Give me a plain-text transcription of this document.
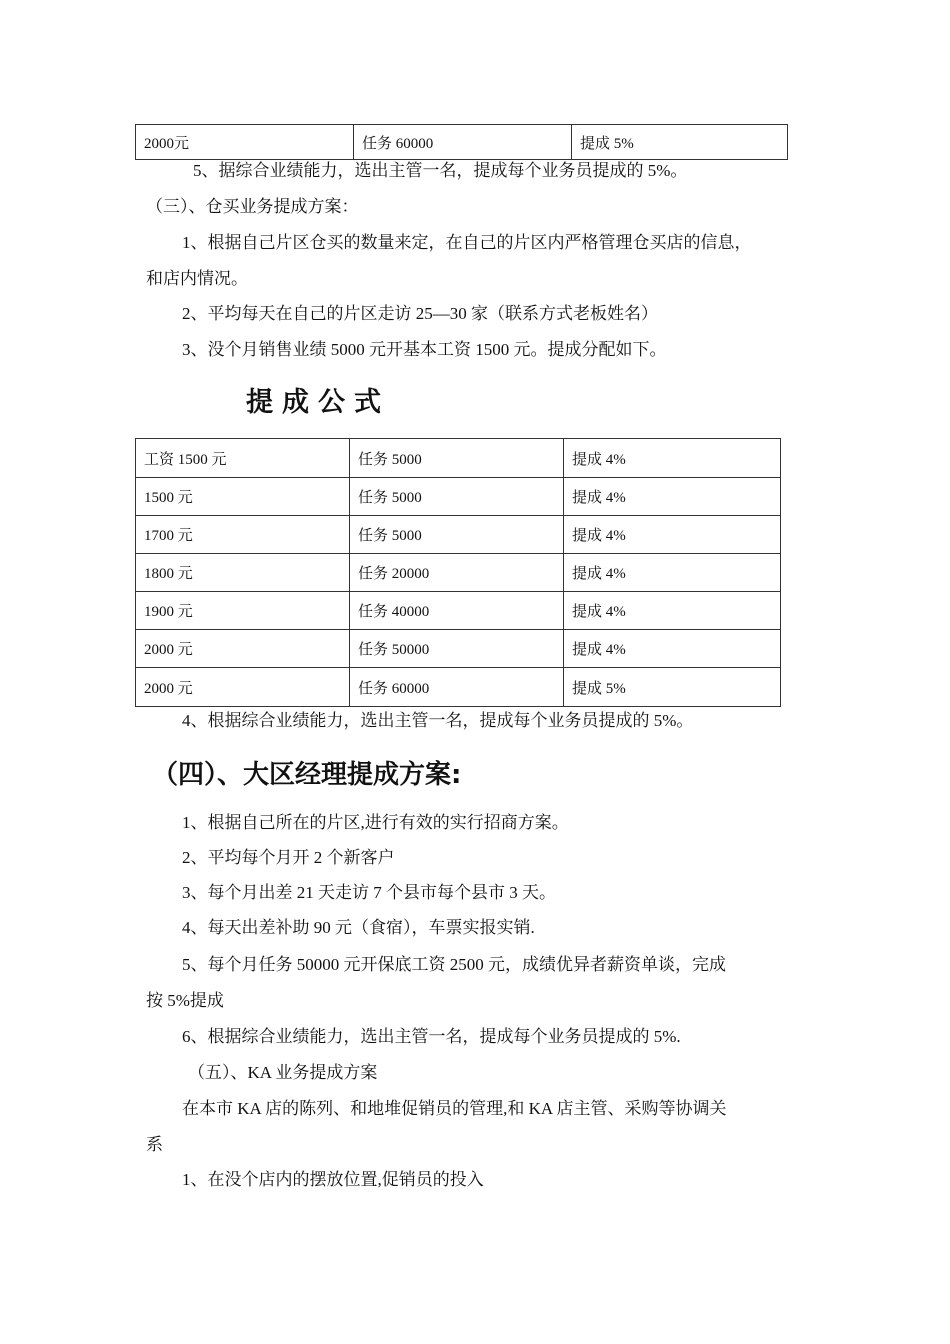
2000元	任务 60000	提成 5%
5、据综合业绩能力，选出主管一名，提成每个业务员提成的 5%。
（三）、仓买业务提成方案：
1、根据自己片区仓买的数量来定，在自己的片区内严格管理仓买店的信息，
和店内情况。
2、平均每天在自己的片区走访 25—30 家（联系方式老板姓名）
3、没个月销售业绩 5000 元开基本工资 1500 元。提成分配如下。
提成公式
工资 1500 元	任务 5000	提成 4%
1500 元	任务 5000	提成 4%
1700 元	任务 5000	提成 4%
1800 元	任务 20000	提成 4%
1900 元	任务 40000	提成 4%
2000 元	任务 50000	提成 4%
2000 元	任务 60000	提成 5%
4、根据综合业绩能力，选出主管一名，提成每个业务员提成的 5%。
（四）、大区经理提成方案:
1、根据自己所在的片区,进行有效的实行招商方案。
2、平均每个月开 2 个新客户
3、每个月出差 21 天走访 7 个县市每个县市 3 天。
4、每天出差补助 90 元（食宿），车票实报实销.
5、每个月任务 50000 元开保底工资 2500 元，成绩优异者薪资单谈，完成
按 5%提成
6、根据综合业绩能力，选出主管一名，提成每个业务员提成的 5%.
（五）、KA 业务提成方案
在本市 KA 店的陈列、和地堆促销员的管理,和 KA 店主管、采购等协调关
系
1、在没个店内的摆放位置,促销员的投入
